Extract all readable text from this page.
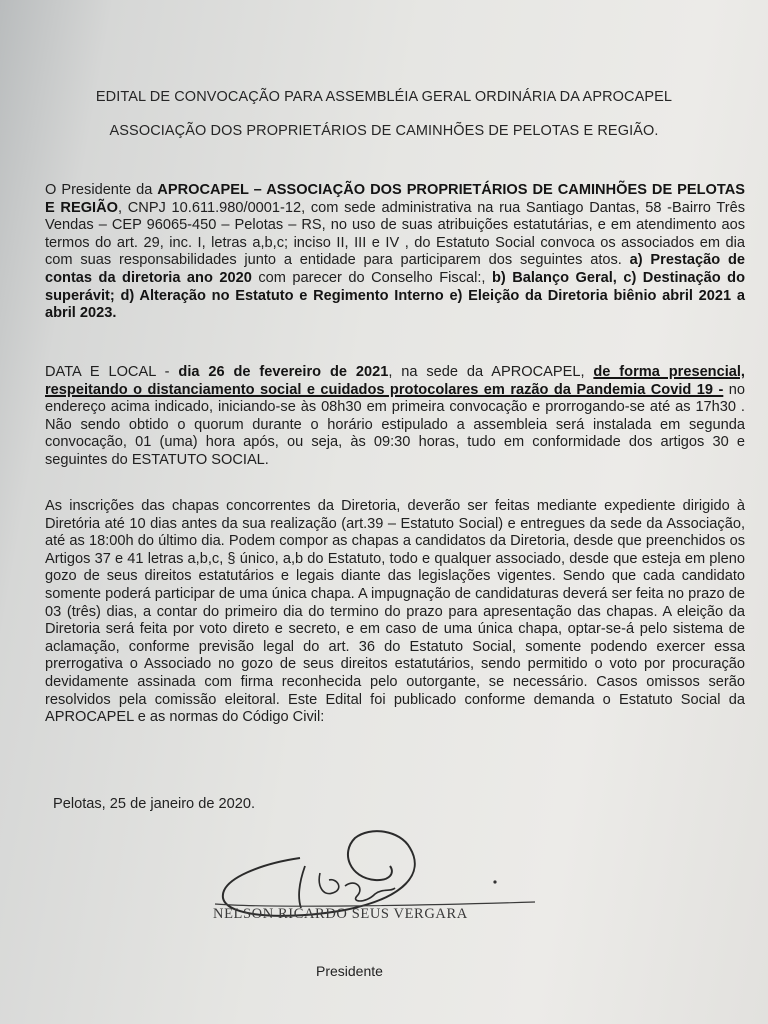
EDITAL DE CONVOCAÇÃO PARA ASSEMBLÉIA GERAL ORDINÁRIA DA APROCAPEL
ASSOCIAÇÃO DOS PROPRIETÁRIOS DE CAMINHÕES DE PELOTAS E REGIÃO.
O Presidente da APROCAPEL – ASSOCIAÇÃO DOS PROPRIETÁRIOS DE CAMINHÕES DE PELOTAS E REGIÃO, CNPJ 10.611.980/0001-12, com sede administrativa na rua Santiago Dantas, 58 -Bairro Três Vendas – CEP 96065-450 – Pelotas – RS, no uso de suas atribuições estatutárias, e em atendimento aos termos do art. 29, inc. I, letras a,b,c; inciso II, III e IV , do Estatuto Social convoca os associados em dia com suas responsabilidades junto a entidade para participarem dos seguintes atos. a) Prestação de contas da diretoria ano 2020 com parecer do Conselho Fiscal:, b) Balanço Geral, c) Destinação do superávit; d) Alteração no Estatuto e Regimento Interno e) Eleição da Diretoria biênio abril 2021 a abril 2023.
DATA E LOCAL - dia 26 de fevereiro de 2021, na sede da APROCAPEL, de forma presencial, respeitando o distanciamento social e cuidados protocolares em razão da Pandemia Covid 19 - no endereço acima indicado, iniciando-se às 08h30 em primeira convocação e prorrogando-se até as 17h30 . Não sendo obtido o quorum durante o horário estipulado a assembleia será instalada em segunda convocação, 01 (uma) hora após, ou seja, às 09:30 horas, tudo em conformidade dos artigos 30 e seguintes do ESTATUTO SOCIAL.
As inscrições das chapas concorrentes da Diretoria, deverão ser feitas mediante expediente dirigido à Diretória até 10 dias antes da sua realização (art.39 – Estatuto Social) e entregues da sede da Associação, até as 18:00h do último dia. Podem compor as chapas a candidatos da Diretoria, desde que preenchidos os Artigos 37 e 41 letras a,b,c, § único, a,b do Estatuto, todo e qualquer associado, desde que esteja em pleno gozo de seus direitos estatutários e legais diante das legislações vigentes. Sendo que cada candidato somente poderá participar de uma única chapa. A impugnação de candidaturas deverá ser feita no prazo de 03 (três) dias, a contar do primeiro dia do termino do prazo para apresentação das chapas. A eleição da Diretoria será feita por voto direto e secreto, e em caso de uma única chapa, optar-se-á pelo sistema de aclamação, conforme previsão legal do art. 36 do Estatuto Social, somente podendo exercer essa prerrogativa o Associado no gozo de seus direitos estatutários, sendo permitido o voto por procuração devidamente assinada com firma reconhecida pelo outorgante, se necessário. Casos omissos serão resolvidos pela comissão eleitoral. Este Edital foi publicado conforme demanda o Estatuto Social da APROCAPEL e as normas do Código Civil:
Pelotas, 25 de janeiro de 2020.
NELSON RICARDO SEUS VERGARA
Presidente
